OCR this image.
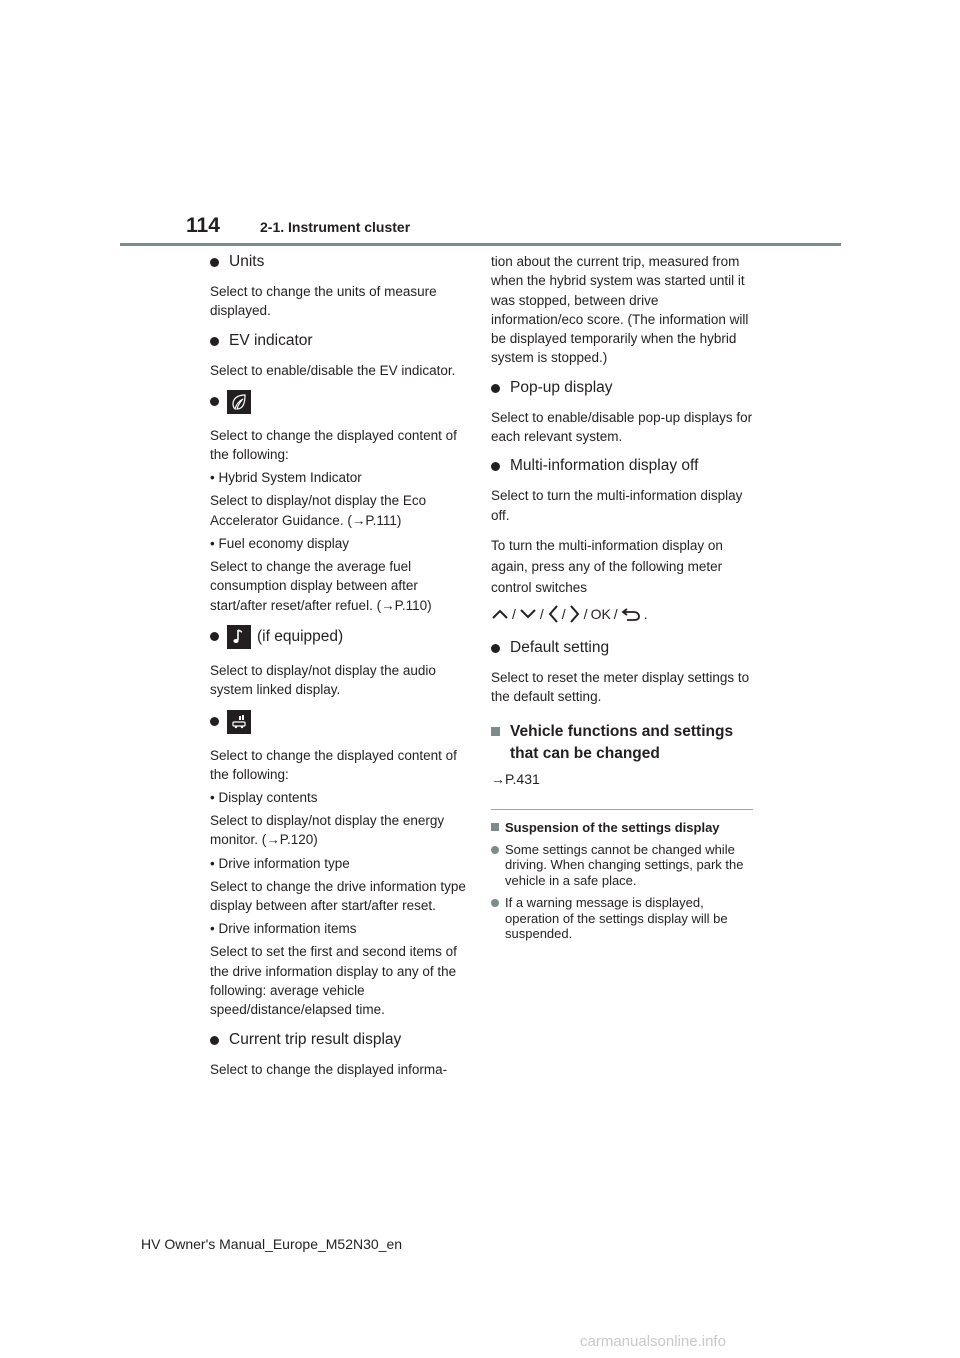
114	2-1. Instrument cluster
Units

Select to change the units of measure displayed.

EV indicator

Select to enable/disable the EV indicator.

Select to change the displayed content of the following:

• Hybrid System Indicator

Select to display/not display the Eco Accelerator Guidance. (→P.111)

• Fuel economy display

Select to change the average fuel consumption display between after start/after reset/after refuel. (→P.110)

(if equipped)

Select to display/not display the audio system linked display.

Select to change the displayed content of the following:

• Display contents

Select to display/not display the energy monitor. (→P.120)

• Drive information type

Select to change the drive information type display between after start/after reset.

• Drive information items

Select to set the first and second items of the drive information display to any of the following: average vehicle speed/distance/elapsed time.

Current trip result display

Select to change the displayed informa-

tion about the current trip, measured from when the hybrid system was started until it was stopped, between drive information/eco score. (The information will be displayed temporarily when the hybrid system is stopped.)

Pop-up display

Select to enable/disable pop-up displays for each relevant system.

Multi-information display off

Select to turn the multi-information display off.

To turn the multi-information display on again, press any of the following meter control switches

/ / / / OK / .
Default setting

Select to reset the meter display settings to the default setting.

Vehicle functions and settings that can be changed
→P.431
Suspension of the settings display
Some settings cannot be changed while driving. When changing settings, park the vehicle in a safe place.
If a warning message is displayed, operation of the settings display will be suspended.
HV Owner's Manual_Europe_M52N30_en
carmanualsonline.info
